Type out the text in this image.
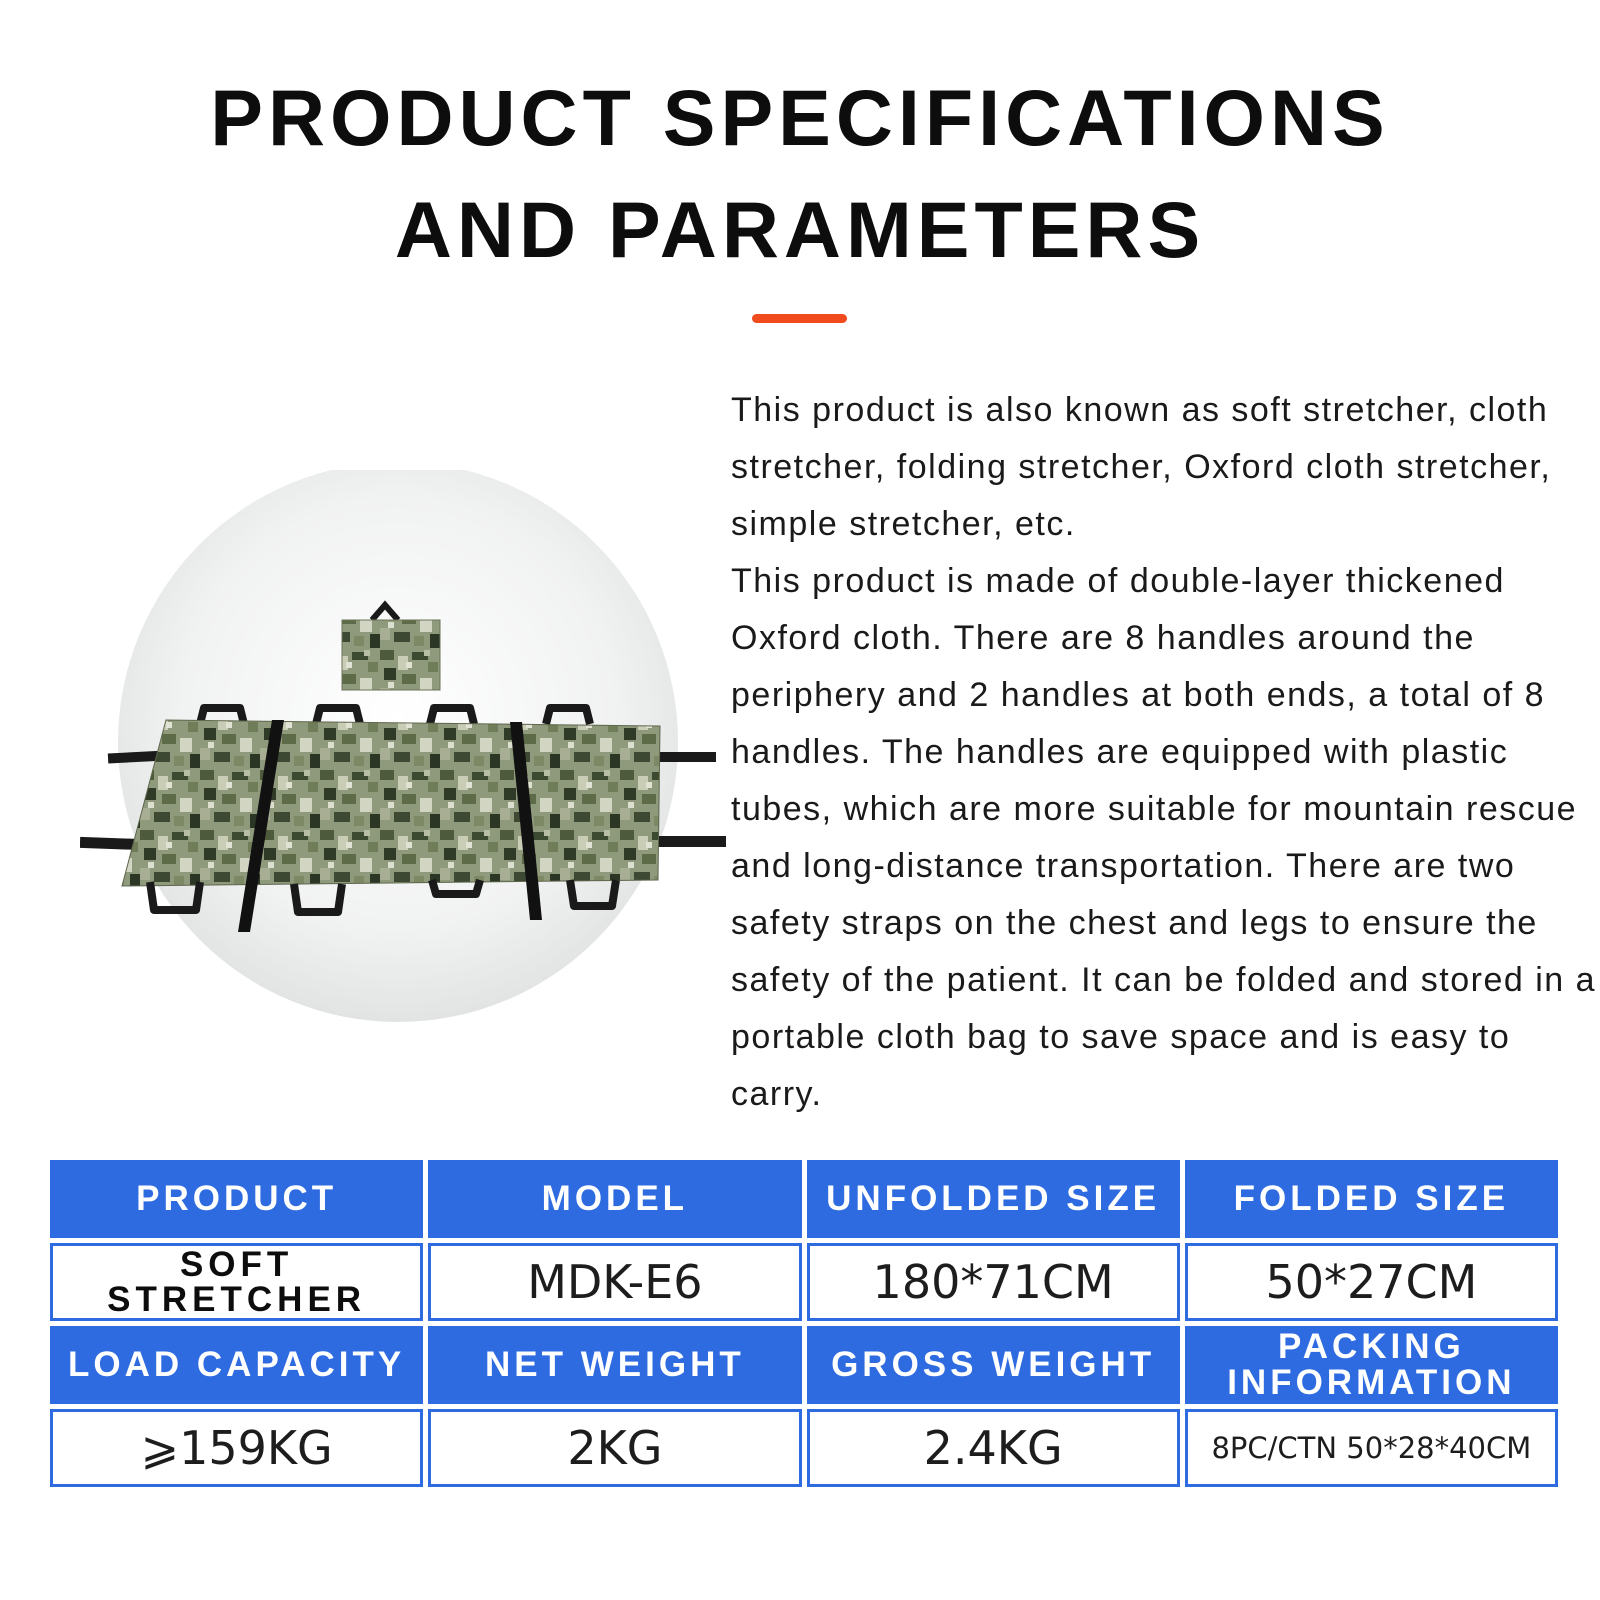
PRODUCT SPECIFICATIONS
AND PARAMETERS

This product is also known as soft stretcher, cloth stretcher, folding stretcher, Oxford cloth stretcher, simple stretcher, etc.

This product is made of double-layer thickened Oxford cloth. There are 8 handles around the periphery and 2 handles at both ends, a total of 8 handles. The handles are equipped with plastic tubes, which are more suitable for mountain rescue and long-distance transportation. There are two safety straps on the chest and legs to ensure the safety of the patient. It can be folded and stored in a portable cloth bag to save space and is easy to carry.

PRODUCT	MODEL	UNFOLDED SIZE	FOLDED SIZE
SOFT STRETCHER	MDK-E6	180*71CM	50*27CM
LOAD CAPACITY	NET WEIGHT	GROSS WEIGHT	PACKING INFORMATION
⩾159KG	2KG	2.4KG	8PC/CTN 50*28*40CM
